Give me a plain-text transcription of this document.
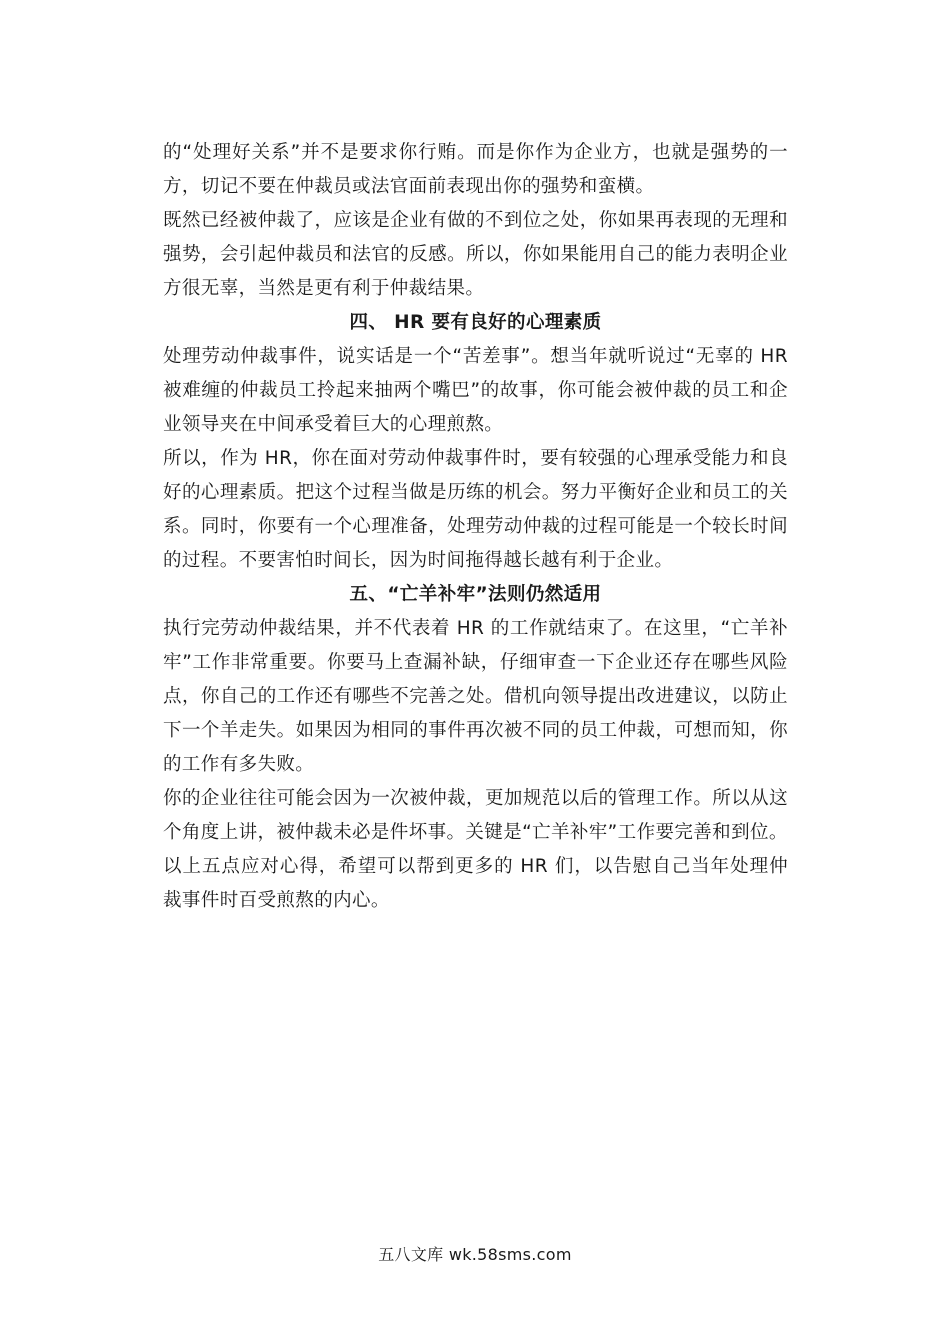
的“处理好关系”并不是要求你行贿。而是你作为企业方，也就是强势的一方，切记不要在仲裁员或法官面前表现出你的强势和蛮横。

既然已经被仲裁了，应该是企业有做的不到位之处，你如果再表现的无理和强势，会引起仲裁员和法官的反感。所以，你如果能用自己的能力表明企业方很无辜，当然是更有利于仲裁结果。

四、 HR 要有良好的心理素质

处理劳动仲裁事件，说实话是一个“苦差事”。想当年就听说过“无辜的 HR 被难缠的仲裁员工拎起来抽两个嘴巴”的故事，你可能会被仲裁的员工和企业领导夹在中间承受着巨大的心理煎熬。

所以，作为 HR，你在面对劳动仲裁事件时，要有较强的心理承受能力和良好的心理素质。把这个过程当做是历练的机会。努力平衡好企业和员工的关系。同时，你要有一个心理准备，处理劳动仲裁的过程可能是一个较长时间的过程。不要害怕时间长，因为时间拖得越长越有利于企业。

五、“亡羊补牢”法则仍然适用

执行完劳动仲裁结果，并不代表着 HR 的工作就结束了。在这里，“亡羊补牢”工作非常重要。你要马上查漏补缺，仔细审查一下企业还存在哪些风险点，你自己的工作还有哪些不完善之处。借机向领导提出改进建议，以防止下一个羊走失。如果因为相同的事件再次被不同的员工仲裁，可想而知，你的工作有多失败。

你的企业往往可能会因为一次被仲裁，更加规范以后的管理工作。所以从这个角度上讲，被仲裁未必是件坏事。关键是“亡羊补牢”工作要完善和到位。

以上五点应对心得，希望可以帮到更多的 HR 们，以告慰自己当年处理仲裁事件时百受煎熬的内心。

五八文库 wk.58sms.com
